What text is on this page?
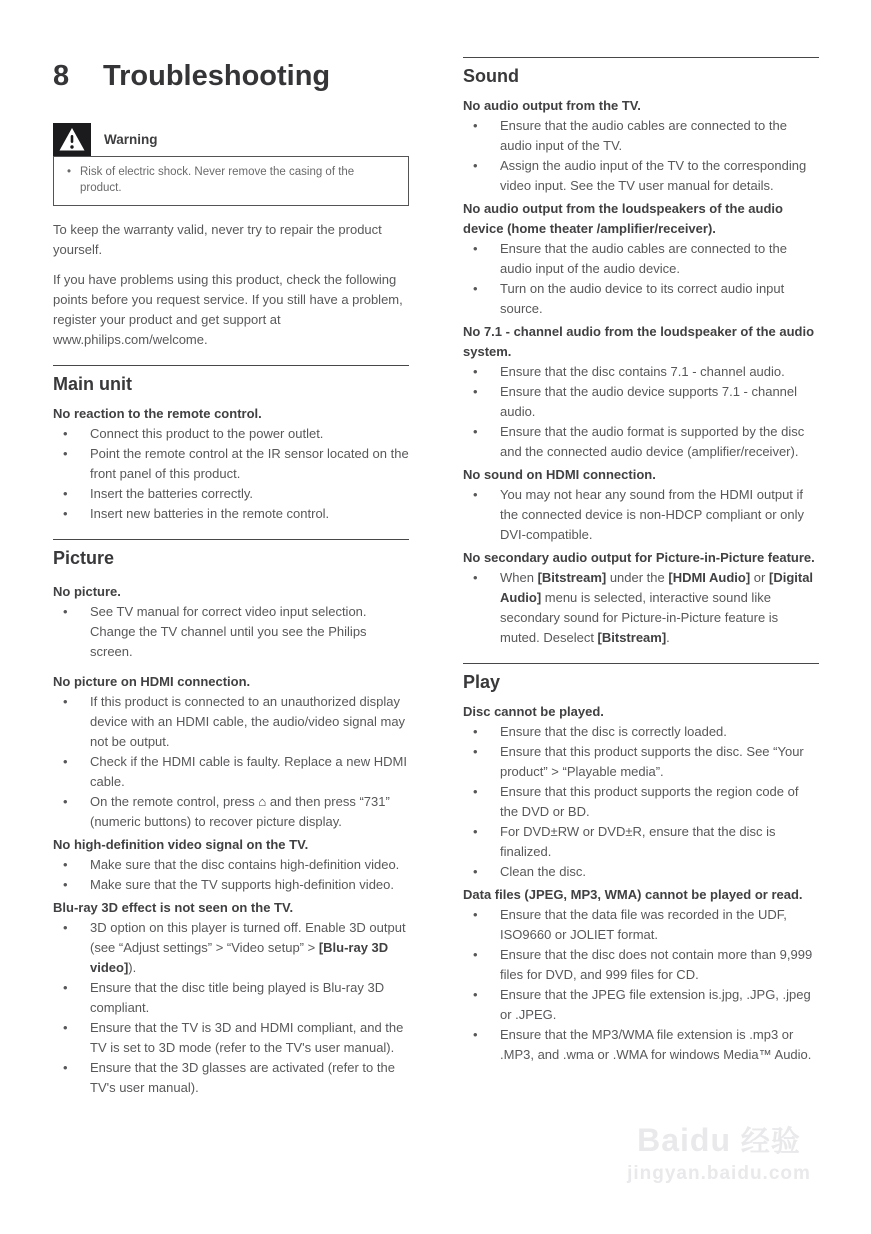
8 Troubleshooting
Warning
• Risk of electric shock. Never remove the casing of the product.

To keep the warranty valid, never try to repair the product yourself.

If you have problems using this product, check the following points before you request service. If you still have a problem, register your product and get support at www.philips.com/welcome.

Main unit
No reaction to the remote control.
•	Connect this product to the power outlet.
•	Point the remote control at the IR sensor located on the front panel of this product.
•	Insert the batteries correctly.
•	Insert new batteries in the remote control.
Picture
No picture.
•	See TV manual for correct video input selection. Change the TV channel until you see the Philips screen.
No picture on HDMI connection.
•	If this product is connected to an unauthorized display device with an HDMI cable, the audio/video signal may not be output.
•	Check if the HDMI cable is faulty. Replace a new HDMI cable.
•	On the remote control, press ⌂ and then press “731” (numeric buttons) to recover picture display.
No high-definition video signal on the TV.
•	Make sure that the disc contains high-definition video.
•	Make sure that the TV supports high-definition video.
Blu-ray 3D effect is not seen on the TV.
•	3D option on this player is turned off. Enable 3D output (see “Adjust settings” > “Video setup” > [Blu-ray 3D video]).
•	Ensure that the disc title being played is Blu-ray 3D compliant.
•	Ensure that the TV is 3D and HDMI compliant, and the TV is set to 3D mode (refer to the TV's user manual).
•	Ensure that the 3D glasses are activated (refer to the TV's user manual).
Sound
No audio output from the TV.
•	Ensure that the audio cables are connected to the audio input of the TV.
•	Assign the audio input of the TV to the corresponding video input. See the TV user manual for details.
No audio output from the loudspeakers of the audio device (home theater /amplifier/receiver).
•	Ensure that the audio cables are connected to the audio input of the audio device.
•	Turn on the audio device to its correct audio input source.
No 7.1 - channel audio from the loudspeaker of the audio system.
•	Ensure that the disc contains 7.1 - channel audio.
•	Ensure that the audio device supports 7.1 - channel audio.
•	Ensure that the audio format is supported by the disc and the connected audio device (amplifier/receiver).
No sound on HDMI connection.
•	You may not hear any sound from the HDMI output if the connected device is non-HDCP compliant or only DVI-compatible.
No secondary audio output for Picture-in-Picture feature.
•	When [Bitstream] under the [HDMI Audio] or [Digital Audio] menu is selected, interactive sound like secondary sound for Picture-in-Picture feature is muted. Deselect [Bitstream].
Play
Disc cannot be played.
•	Ensure that the disc is correctly loaded.
•	Ensure that this product supports the disc. See “Your product” > “Playable media”.
•	Ensure that this product supports the region code of the DVD or BD.
•	For DVD±RW or DVD±R, ensure that the disc is finalized.
•	Clean the disc.
Data files (JPEG, MP3, WMA) cannot be played or read.
•	Ensure that the data file was recorded in the UDF, ISO9660 or JOLIET format.
•	Ensure that the disc does not contain more than 9,999 files for DVD, and 999 files for CD.
•	Ensure that the JPEG file extension is.jpg, .JPG, .jpeg or .JPEG.
•	Ensure that the MP3/WMA file extension is .mp3 or .MP3, and .wma or .WMA for windows Media™ Audio.
Baidu 经验
jingyan.baidu.com
